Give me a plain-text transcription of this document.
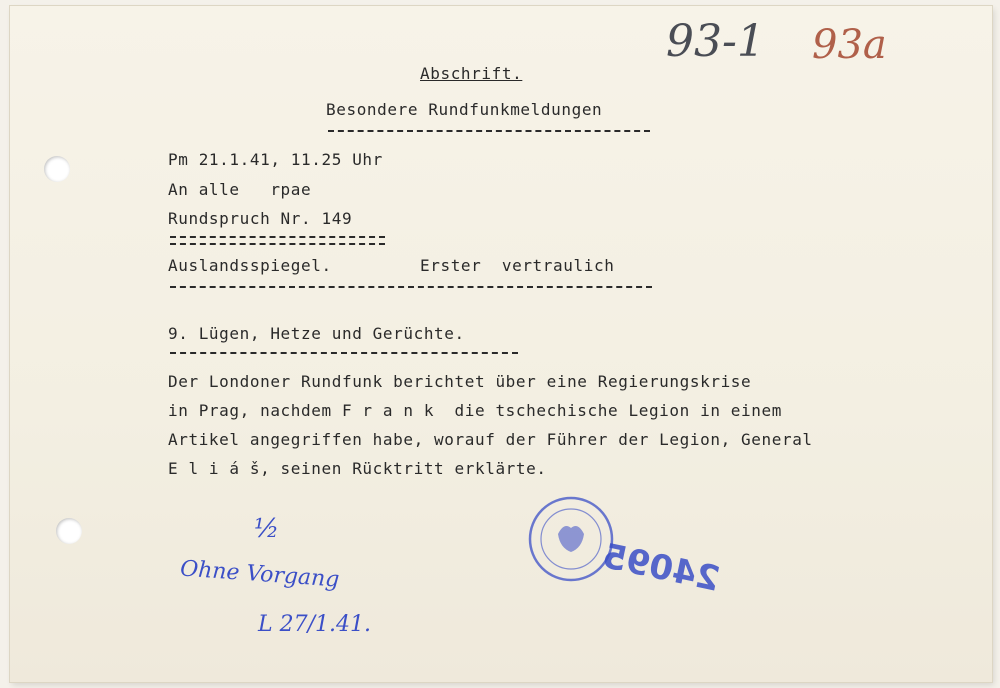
93-1 93a
Abschrift.
Besondere Rundfunkmeldungen
Pm 21.1.41, 11.25 Uhr
An alle   rpae
Rundspruch Nr. 149
Auslandsspiegel.	Erster  vertraulich
9. Lügen, Hetze und Gerüchte.
Der Londoner Rundfunk berichtet über eine Regierungskrise
in Prag, nachdem F r a n k  die tschechische Legion in einem
Artikel angegriffen habe, worauf der Führer der Legion, General
E l i á š, seinen Rücktritt erklärte.
24095
½
Ohne Vorgang
L 27/1.41.
